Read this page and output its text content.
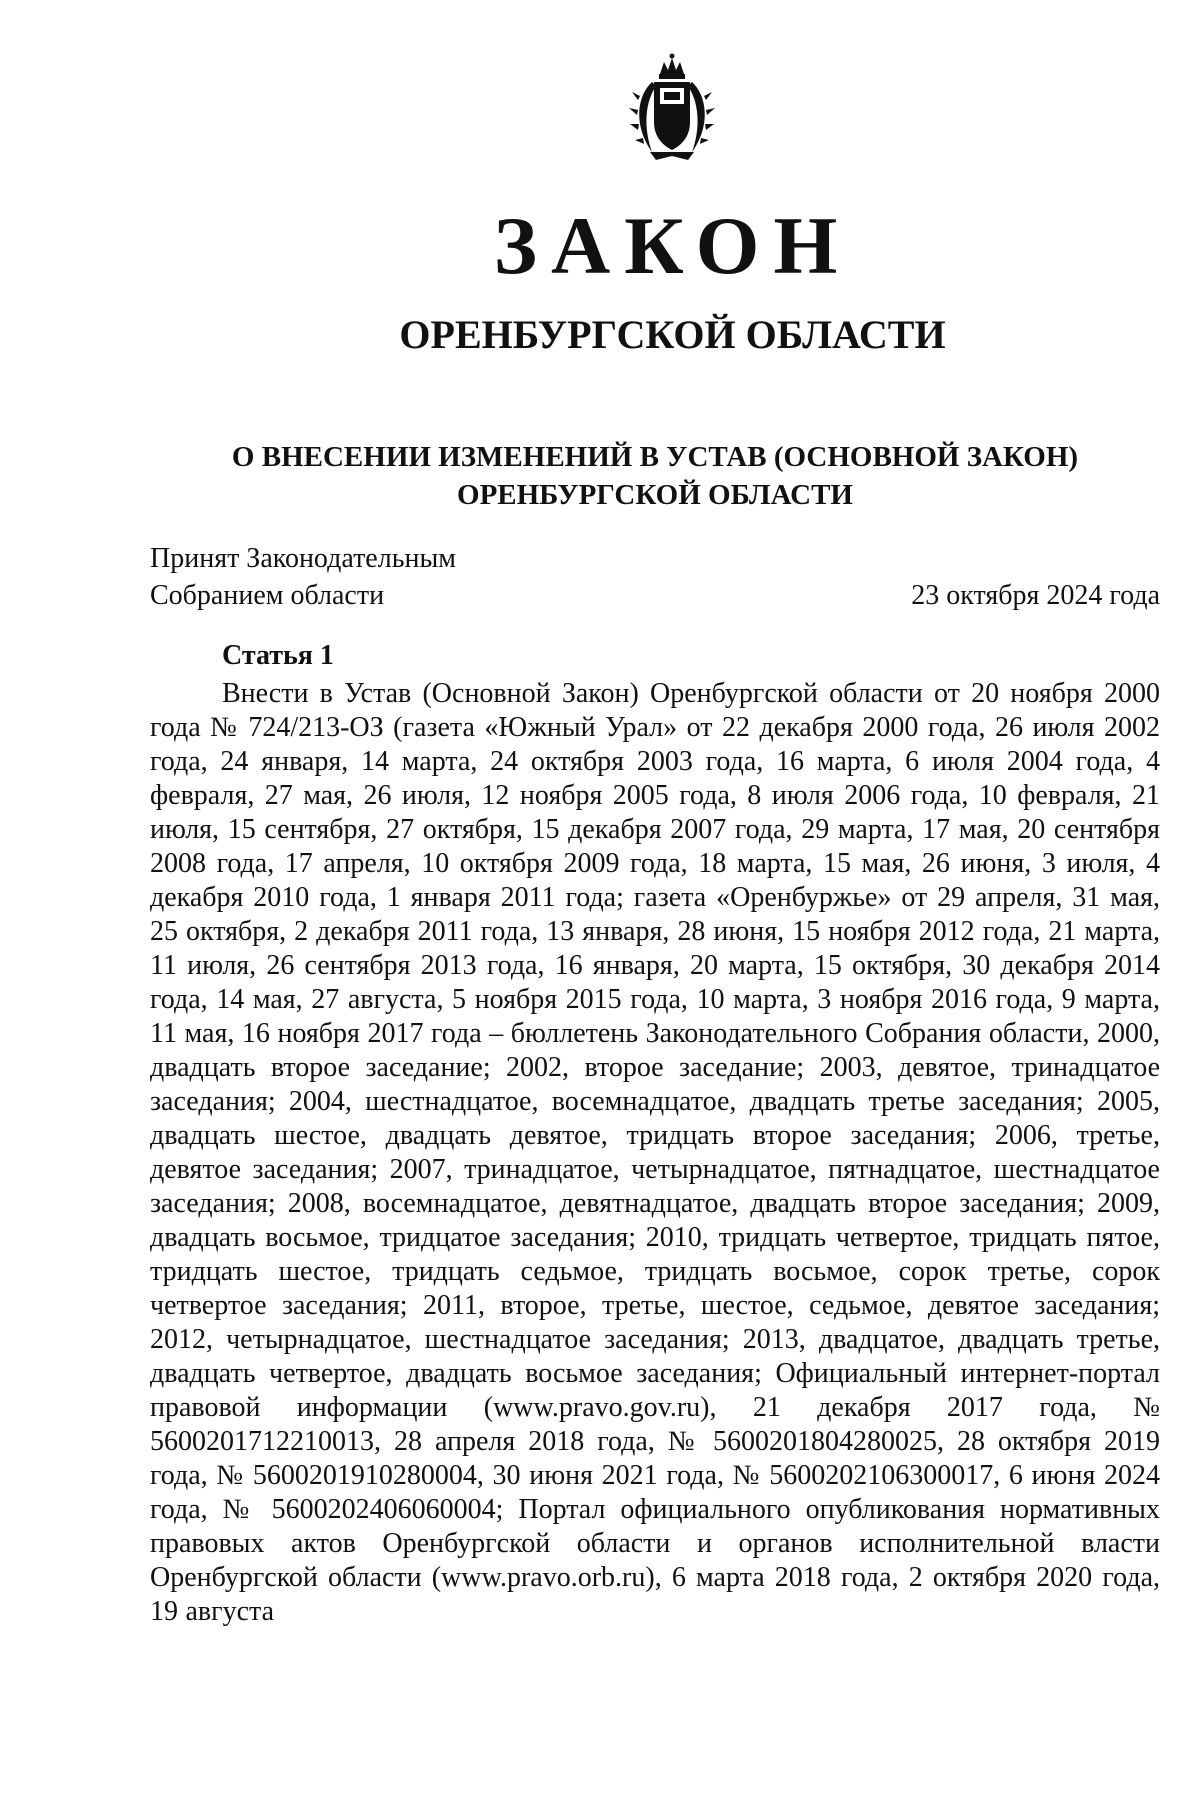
ЗАКОН
ОРЕНБУРГСКОЙ ОБЛАСТИ
О ВНЕСЕНИИ ИЗМЕНЕНИЙ В УСТАВ (ОСНОВНОЙ ЗАКОН)
ОРЕНБУРГСКОЙ ОБЛАСТИ
Принят Законодательным
Собранием области	23 октября 2024 года
Статья 1
Внести в Устав (Основной Закон) Оренбургской области от 20 ноября 2000 года № 724/213-ОЗ (газета «Южный Урал» от 22 декабря 2000 года, 26 июля 2002 года, 24 января, 14 марта, 24 октября 2003 года, 16 марта, 6 июля 2004 года, 4 февраля, 27 мая, 26 июля, 12 ноября 2005 года, 8 июля 2006 года, 10 февраля, 21 июля, 15 сентября, 27 октября, 15 декабря 2007 года, 29 марта, 17 мая, 20 сентября 2008 года, 17 апреля, 10 октября 2009 года, 18 марта, 15 мая, 26 июня, 3 июля, 4 декабря 2010 года, 1 января 2011 года; газета «Оренбуржье» от 29 апреля, 31 мая, 25 октября, 2 декабря 2011 года, 13 января, 28 июня, 15 ноября 2012 года, 21 марта, 11 июля, 26 сентября 2013 года, 16 января, 20 марта, 15 октября, 30 декабря 2014 года, 14 мая, 27 августа, 5 ноября 2015 года, 10 марта, 3 ноября 2016 года, 9 марта, 11 мая, 16 ноября 2017 года – бюллетень Законодательного Собрания области, 2000, двадцать второе заседание; 2002, второе заседание; 2003, девятое, тринадцатое заседания; 2004, шестнадцатое, восемнадцатое, двадцать третье заседания; 2005, двадцать шестое, двадцать девятое, тридцать второе заседания; 2006, третье, девятое заседания; 2007, тринадцатое, четырнадцатое, пятнадцатое, шестнадцатое заседания; 2008, восемнадцатое, девятнадцатое, двадцать второе заседания; 2009, двадцать восьмое, тридцатое заседания; 2010, тридцать четвертое, тридцать пятое, тридцать шестое, тридцать седьмое, тридцать восьмое, сорок третье, сорок четвертое заседания; 2011, второе, третье, шестое, седьмое, девятое заседания; 2012, четырнадцатое, шестнадцатое заседания; 2013, двадцатое, двадцать третье, двадцать четвертое, двадцать восьмое заседания; Официальный интернет-портал правовой информации (www.pravo.gov.ru), 21 декабря 2017 года, № 5600201712210013, 28 апреля 2018 года, № 5600201804280025, 28 октября 2019 года, № 5600201910280004, 30 июня 2021 года, № 5600202106300017, 6 июня 2024 года, № 5600202406060004; Портал официального опубликования нормативных правовых актов Оренбургской области и органов исполнительной власти Оренбургской области (www.pravo.orb.ru), 6 марта 2018 года, 2 октября 2020 года, 19 августа
